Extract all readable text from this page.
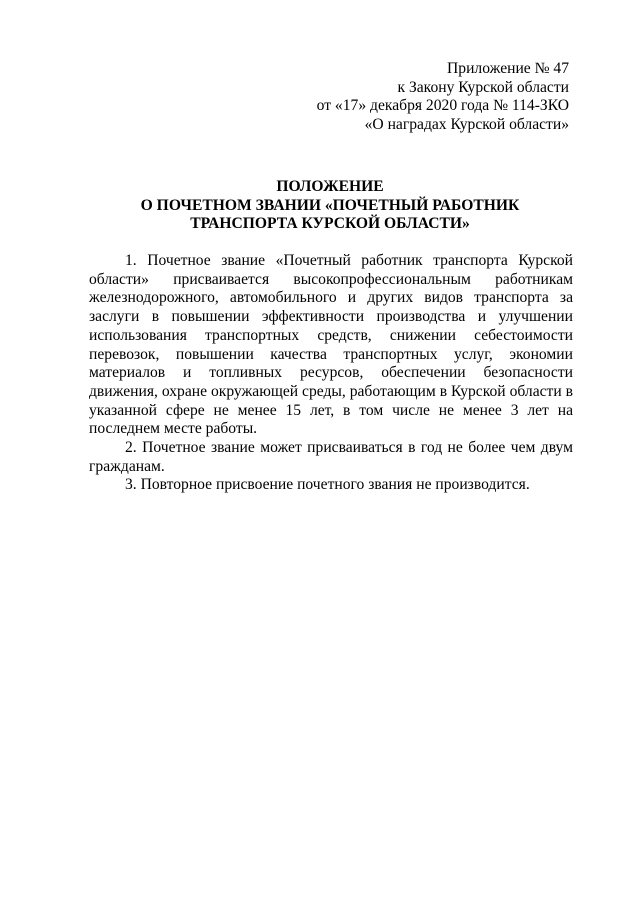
Приложение № 47
к Закону Курской области
от «17» декабря 2020 года № 114-ЗКО
«О наградах Курской области»
ПОЛОЖЕНИЕ
О ПОЧЕТНОМ ЗВАНИИ «ПОЧЕТНЫЙ РАБОТНИК
ТРАНСПОРТА КУРСКОЙ ОБЛАСТИ»

1. Почетное звание «Почетный работник транспорта Курской области» присваивается высокопрофессиональным работникам железнодорожного, автомобильного и других видов транспорта за заслуги в повышении эффективности производства и улучшении использования транспортных средств, снижении себестоимости перевозок, повышении качества транспортных услуг, экономии материалов и топливных ресурсов, обеспечении безопасности движения, охране окружающей среды, работающим в Курской области в указанной сфере не менее 15 лет, в том числе не менее 3 лет на последнем месте работы.

2. Почетное звание может присваиваться в год не более чем двум гражданам.

3. Повторное присвоение почетного звания не производится.
